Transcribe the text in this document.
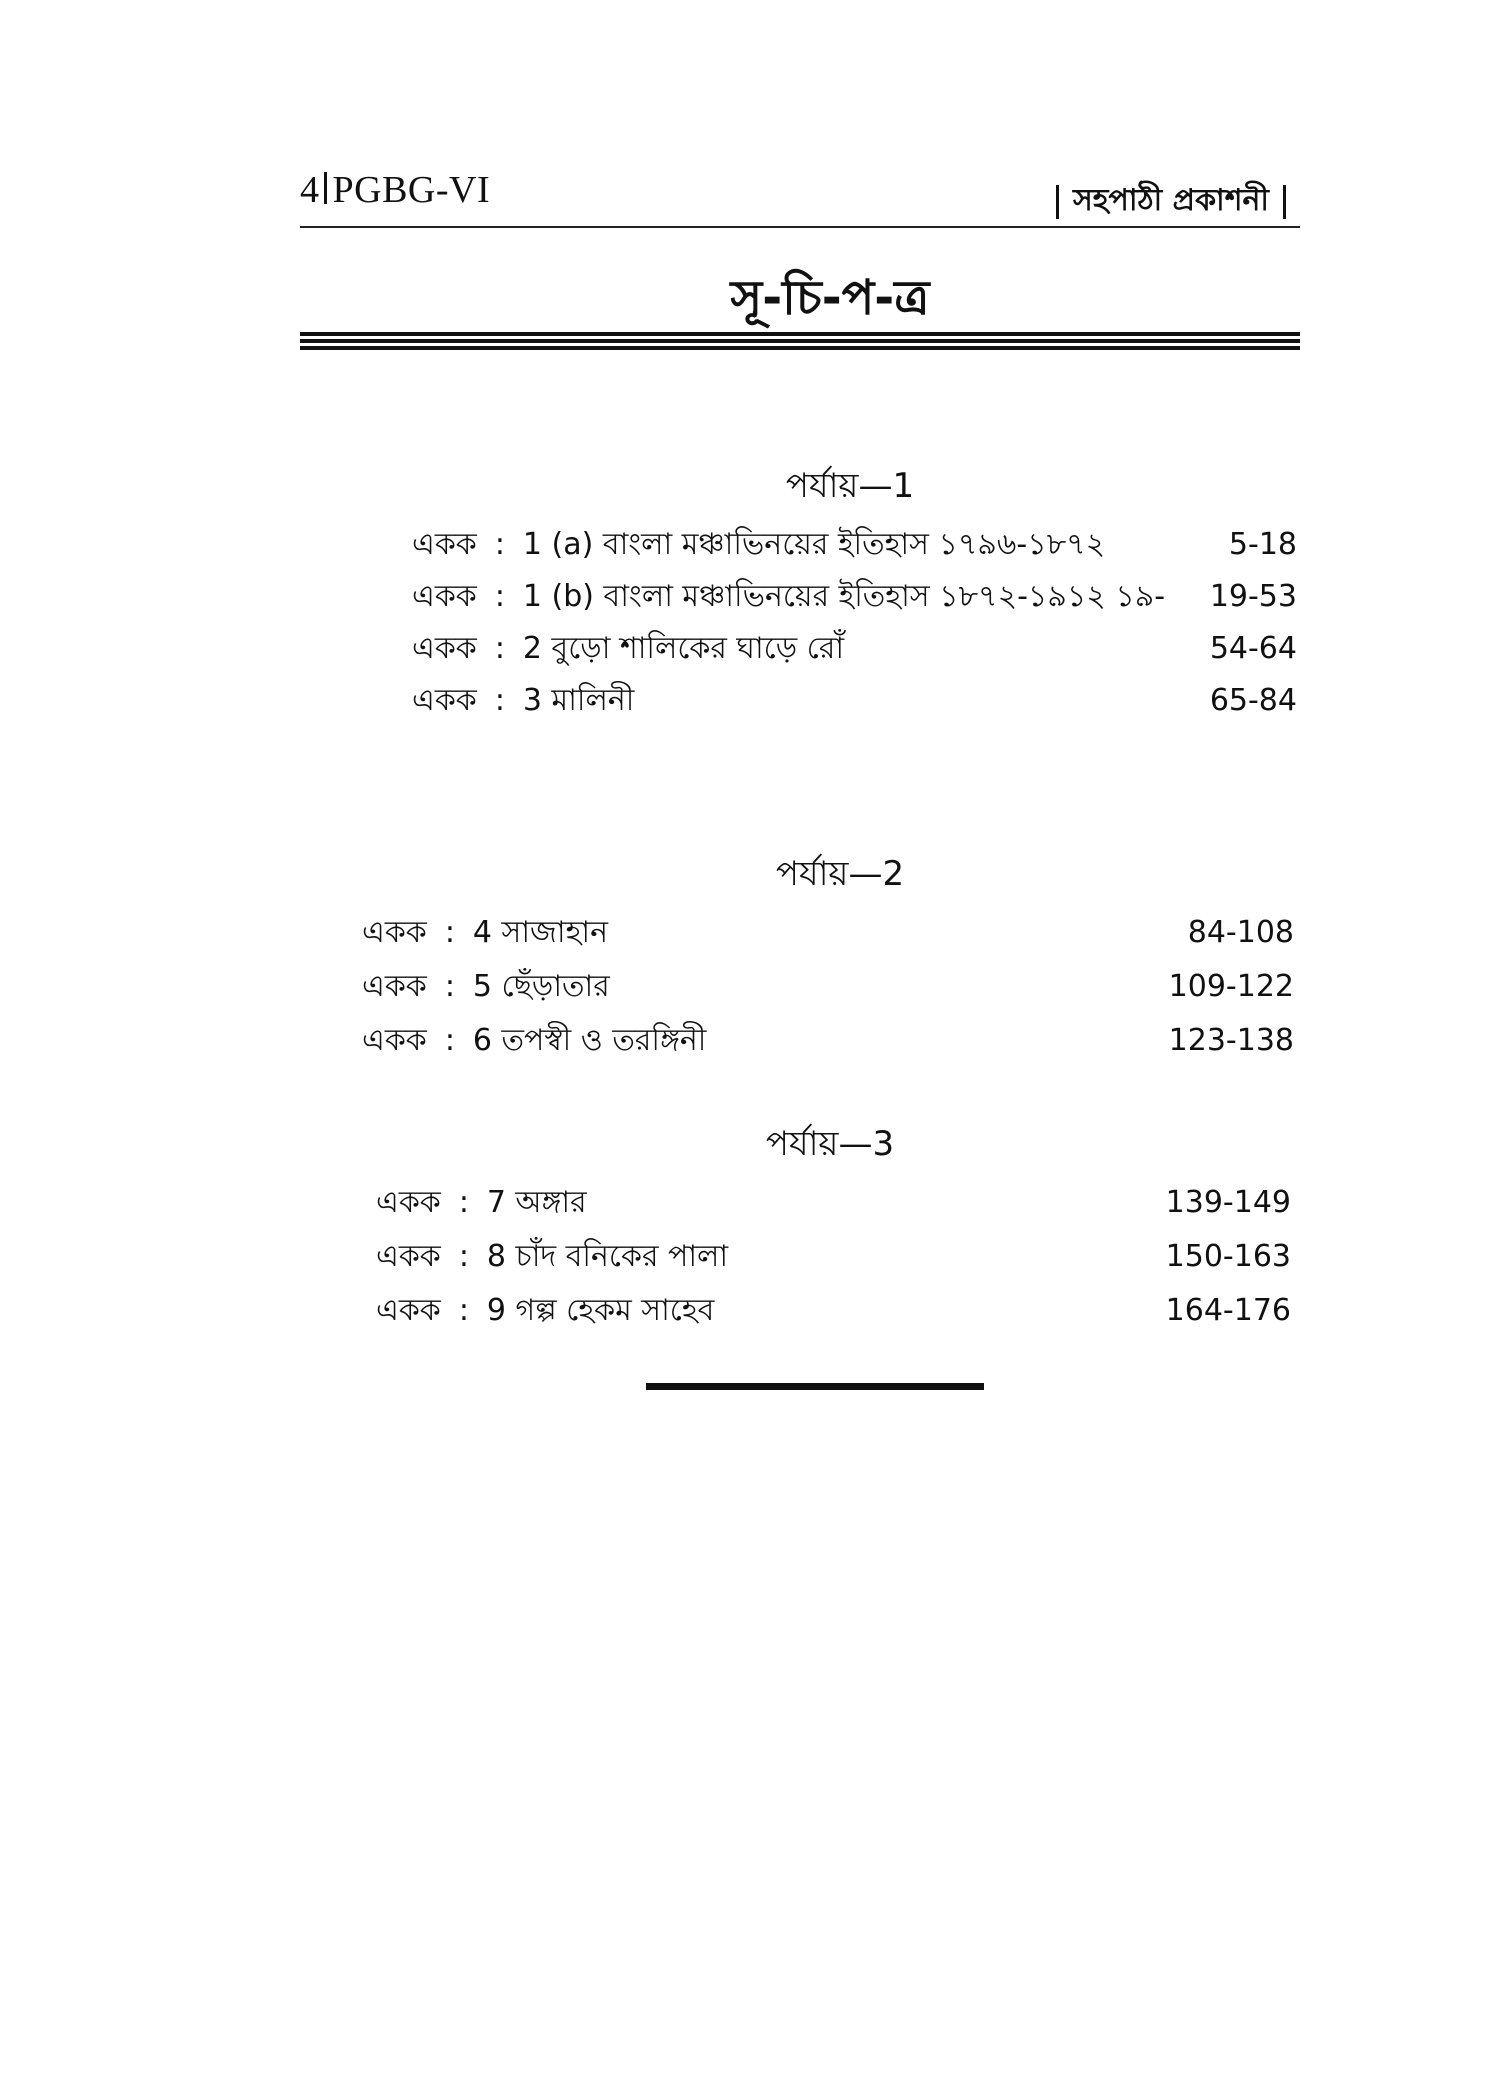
4 PGBG-VI	সহপাঠী প্রকাশনী
সূ-চি-প-ত্র
পর্যায়—1
একক : 1 (a) বাংলা মঞ্চাভিনয়ের ইতিহাস ১৭৯৬-১৮৭২	5-18
একক : 1 (b) বাংলা মঞ্চাভিনয়ের ইতিহাস ১৮৭২-১৯১২ ১৯-	19-53
একক : 2 বুড়ো শালিকের ঘাড়ে রোঁ	54-64
একক : 3 মালিনী	65-84
পর্যায়—2
একক : 4 সাজাহান	84-108
একক : 5 ছেঁড়াতার	109-122
একক : 6 তপস্বী ও তরঙ্গিনী	123-138
পর্যায়—3
একক : 7 অঙ্গার	139-149
একক : 8 চাঁদ বনিকের পালা	150-163
একক : 9 গল্প হেকম সাহেব	164-176
